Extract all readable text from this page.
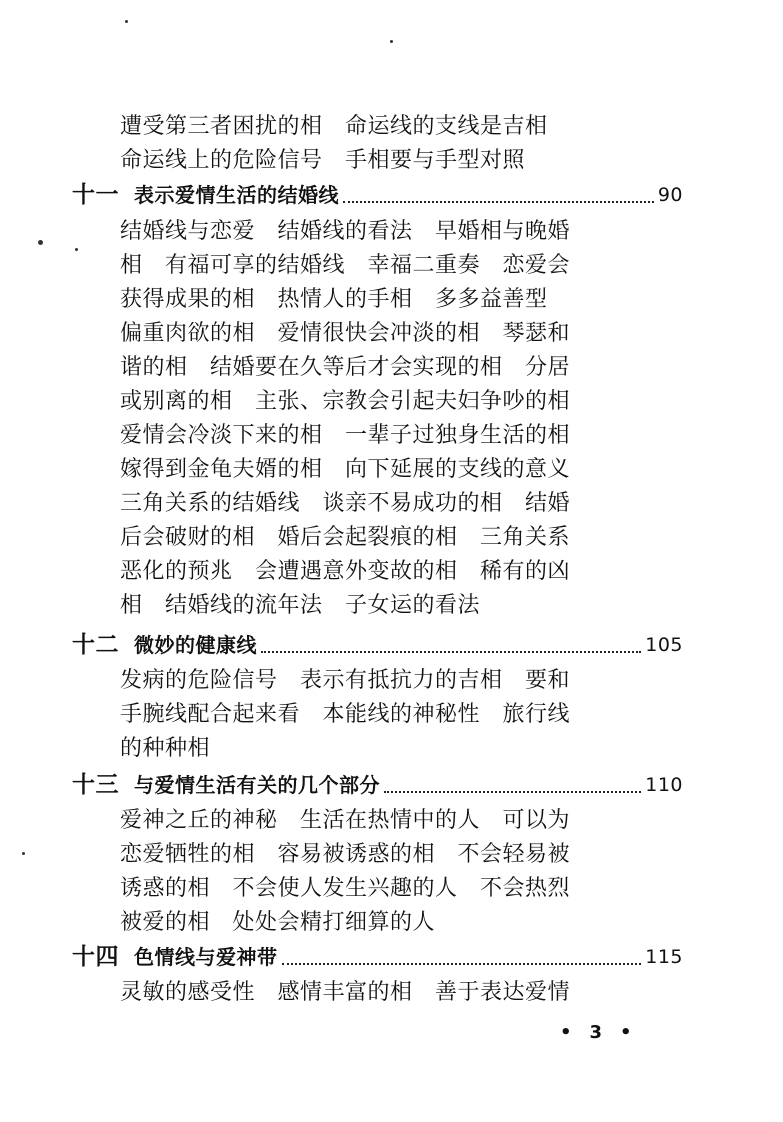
遭受第三者困扰的相　命运线的支线是吉相
命运线上的危险信号　手相要与手型对照
十一 表示爱情生活的结婚线	90
结婚线与恋爱　结婚线的看法　早婚相与晚婚
相　有福可享的结婚线　幸福二重奏　恋爱会
获得成果的相　热情人的手相　多多益善型
偏重肉欲的相　爱情很快会冲淡的相　琴瑟和
谐的相　结婚要在久等后才会实现的相　分居
或别离的相　主张、宗教会引起夫妇争吵的相
爱情会冷淡下来的相　一辈子过独身生活的相
嫁得到金龟夫婿的相　向下延展的支线的意义
三角关系的结婚线　谈亲不易成功的相　结婚
后会破财的相　婚后会起裂痕的相　三角关系
恶化的预兆　会遭遇意外变故的相　稀有的凶
相　结婚线的流年法　子女运的看法
十二 微妙的健康线	105
发病的危险信号　表示有抵抗力的吉相　要和
手腕线配合起来看　本能线的神秘性　旅行线
的种种相
十三 与爱情生活有关的几个部分	110
爱神之丘的神秘　生活在热情中的人　可以为
恋爱牺牲的相　容易被诱惑的相　不会轻易被
诱惑的相　不会使人发生兴趣的人　不会热烈
被爱的相　处处会精打细算的人
十四 色情线与爱神带	115
灵敏的感受性　感情丰富的相　善于表达爱情
•3•
